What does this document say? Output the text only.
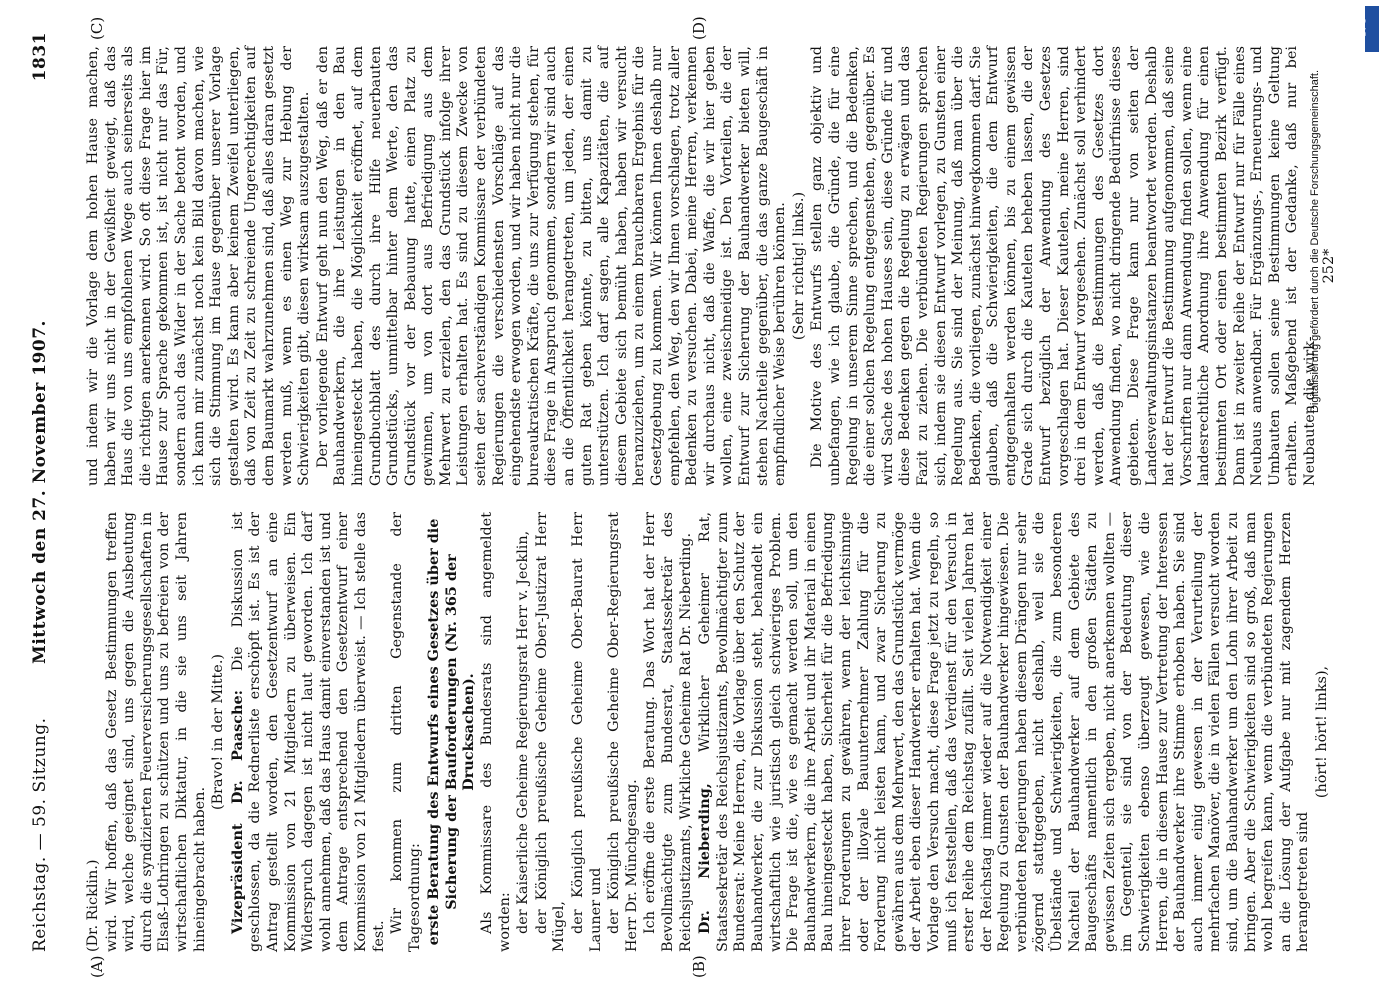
Reichstag. — 59. Sitzung.
Mittwoch den 27. November 1907.
1831
(A)	(B)
(C)	(D)

(Dr. Ricklin.) wird. Wir hoffen, daß das Gesetz Bestimmungen treffen wird, welche geeignet sind, uns gegen die Ausbeutung durch die syndizierten Feuerversicherungsgesellschaften in Elsaß-Lothringen zu schützen und uns zu befreien von der wirtschaftlichen Diktatur, in die sie uns seit Jahren hineingebracht haben.

(Bravo! in der Mitte.) Vizepräsident Dr. Paasche: Die Diskussion ist geschlossen, da die Rednerliste erschöpft ist. Es ist der Antrag gestellt worden, den Gesetzentwurf an eine Kommission von 21 Mitgliedern zu überweisen. Ein Widerspruch dagegen ist nicht laut geworden. Ich darf wohl annehmen, daß das Haus damit einverstanden ist und dem Antrage entsprechend den Gesetzentwurf einer Kommission von 21 Mitgliedern überweist. — Ich stelle das fest.

Wir kommen zum dritten Gegenstande der Tagesordnung: erste Beratung des Entwurfs eines Gesetzes über die Sicherung der Bauforderungen (Nr. 365 der Drucksachen). Als Kommissare des Bundesrats sind angemeldet worden: der Kaiserliche Geheime Regierungsrat Herr v. Jecklin, der Königlich preußische Geheime Ober-Justizrat Herr Mügel, der Königlich preußische Geheime Ober-Baurat Herr Launer und der Königlich preußische Geheime Ober-Regierungsrat Herr Dr. Münchgesang. Ich eröffne die erste Beratung. Das Wort hat der Herr Bevollmächtigte zum Bundesrat, Staatssekretär des Reichsjustizamts, Wirkliche Geheime Rat Dr. Nieberding. Dr. Nieberding, Wirklicher Geheimer Rat, Staatssekretär des Reichsjustizamts, Bevollmächtigter zum Bundesrat: Meine Herren, die Vorlage über den Schutz der Bauhandwerker, die zur Diskussion steht, behandelt ein wirtschaftlich wie juristisch gleich schwieriges Problem. Die Frage ist die, wie es gemacht werden soll, um den Bauhandwerkern, die ihre Arbeit und ihr Material in einen Bau hineingesteckt haben, Sicherheit für die Befriedigung ihrer Forderungen zu gewähren, wenn der leichtsinnige oder der illoyale Bauunternehmer Zahlung für die Forderung nicht leisten kann, und zwar Sicherung zu gewähren aus dem Mehrwert, den das Grundstück vermöge der Arbeit eben dieser Handwerker erhalten hat. Wenn die Vorlage den Versuch macht, diese Frage jetzt zu regeln, so muß ich feststellen, daß das Verdienst für den Versuch in erster Reihe dem Reichstag zufällt. Seit vielen Jahren hat der Reichstag immer wieder auf die Notwendigkeit einer Regelung zu Gunsten der Bauhandwerker hingewiesen. Die verbündeten Regierungen haben diesem Drängen nur sehr zögernd stattgegeben, nicht deshalb, weil sie die Übelstände und Schwierigkeiten, die zum besonderen Nachteil der Bauhandwerker auf dem Gebiete des Baugeschäfts namentlich in den großen Städten zu gewissen Zeiten sich ergeben, nicht anerkennen wollten — im Gegenteil, sie sind von der Bedeutung dieser Schwierigkeiten ebenso überzeugt gewesen, wie die Herren, die in diesem Hause zur Vertretung der Interessen der Bauhandwerker ihre Stimme erhoben haben. Sie sind auch immer einig gewesen in der Verurteilung der mehrfachen Manöver, die in vielen Fällen versucht worden sind, um die Bauhandwerker um den Lohn ihrer Arbeit zu bringen. Aber die Schwierigkeiten sind so groß, daß man wohl begreifen kann, wenn die verbündeten Regierungen an die Lösung der Aufgabe nur mit zagendem Herzen herangetreten sind

(hört! hört! links),

und indem wir die Vorlage dem hohen Hause machen, haben wir uns nicht in der Gewißheit gewiegt, daß das Haus die von uns empfohlenen Wege auch seinerseits als die richtigen anerkennen wird. So oft diese Frage hier im Hause zur Sprache gekommen ist, ist nicht nur das Für, sondern auch das Wider in der Sache betont worden, und ich kann mir zunächst noch kein Bild davon machen, wie sich die Stimmung im Hause gegenüber unserer Vorlage gestalten wird. Es kann aber keinem Zweifel unterliegen, daß von Zeit zu Zeit zu schreiende Ungerechtigkeiten auf dem Baumarkt wahrzunehmen sind, daß alles daran gesetzt werden muß, wenn es einen Weg zur Hebung der Schwierigkeiten gibt, diesen wirksam auszugestalten. Der vorliegende Entwurf geht nun den Weg, daß er den Bauhandwerkern, die ihre Leistungen in den Bau hineingesteckt haben, die Möglichkeit eröffnet, auf dem Grundbuchblatt des durch ihre Hilfe neuerbauten Grundstücks, unmittelbar hinter dem Werte, den das Grundstück vor der Bebauung hatte, einen Platz zu gewinnen, um von dort aus Befriedigung aus dem Mehrwert zu erzielen, den das Grundstück infolge ihrer Leistungen erhalten hat. Es sind zu diesem Zwecke von seiten der sachverständigen Kommissare der verbündeten Regierungen die verschiedensten Vorschläge auf das eingehendste erwogen worden, und wir haben nicht nur die bureaukratischen Kräfte, die uns zur Verfügung stehen, für diese Frage in Anspruch genommen, sondern wir sind auch an die Öffentlichkeit herangetreten, um jeden, der einen guten Rat geben könnte, zu bitten, uns damit zu unterstützen. Ich darf sagen, alle Kapazitäten, die auf diesem Gebiete sich bemüht haben, haben wir versucht heranzuziehen, um zu einem brauchbaren Ergebnis für die Gesetzgebung zu kommen. Wir können Ihnen deshalb nur empfehlen, den Weg, den wir Ihnen vorschlagen, trotz aller Bedenken zu versuchen. Dabei, meine Herren, verkennen wir durchaus nicht, daß die Waffe, die wir hier geben wollen, eine zweischneidige ist. Den Vorteilen, die der Entwurf zur Sicherung der Bauhandwerker bieten will, stehen Nachteile gegenüber, die das ganze Baugeschäft in empfindlicher Weise berühren können. (Sehr richtig! links.) Die Motive des Entwurfs stellen ganz objektiv und unbefangen, wie ich glaube, die Gründe, die für eine Regelung in unserem Sinne sprechen, und die Bedenken, die einer solchen Regelung entgegenstehen, gegenüber. Es wird Sache des hohen Hauses sein, diese Gründe für und diese Bedenken gegen die Regelung zu erwägen und das Fazit zu ziehen. Die verbündeten Regierungen sprechen sich, indem sie diesen Entwurf vorlegen, zu Gunsten einer Regelung aus. Sie sind der Meinung, daß man über die Bedenken, die vorliegen, zunächst hinwegkommen darf. Sie glauben, daß die Schwierigkeiten, die dem Entwurf entgegenhalten werden können, bis zu einem gewissen Grade sich durch die Kautelen beheben lassen, die der Entwurf bezüglich der Anwendung des Gesetzes vorgeschlagen hat. Dieser Kautelen, meine Herren, sind drei in dem Entwurf vorgesehen. Zunächst soll verhindert werden, daß die Bestimmungen des Gesetzes dort Anwendung finden, wo nicht dringende Bedürfnisse dieses gebieten. Diese Frage kann nur von seiten der Landesverwaltungsinstanzen beantwortet werden. Deshalb hat der Entwurf die Bestimmung aufgenommen, daß seine Vorschriften nur dann Anwendung finden sollen, wenn eine landesrechtliche Anordnung ihre Anwendung für einen bestimmten Ort oder einen bestimmten Bezirk verfügt. Dann ist in zweiter Reihe der Entwurf nur für Fälle eines Neubaus anwendbar. Für Ergänzungs-, Erneuerungs- und Umbauten sollen seine Bestimmungen keine Geltung erhalten. Maßgebend ist der Gedanke, daß nur bei Neubauten die wirk-

252*

Digitalisierung gefördert durch die Deutsche Forschungsgemeinschaft.
DFG
